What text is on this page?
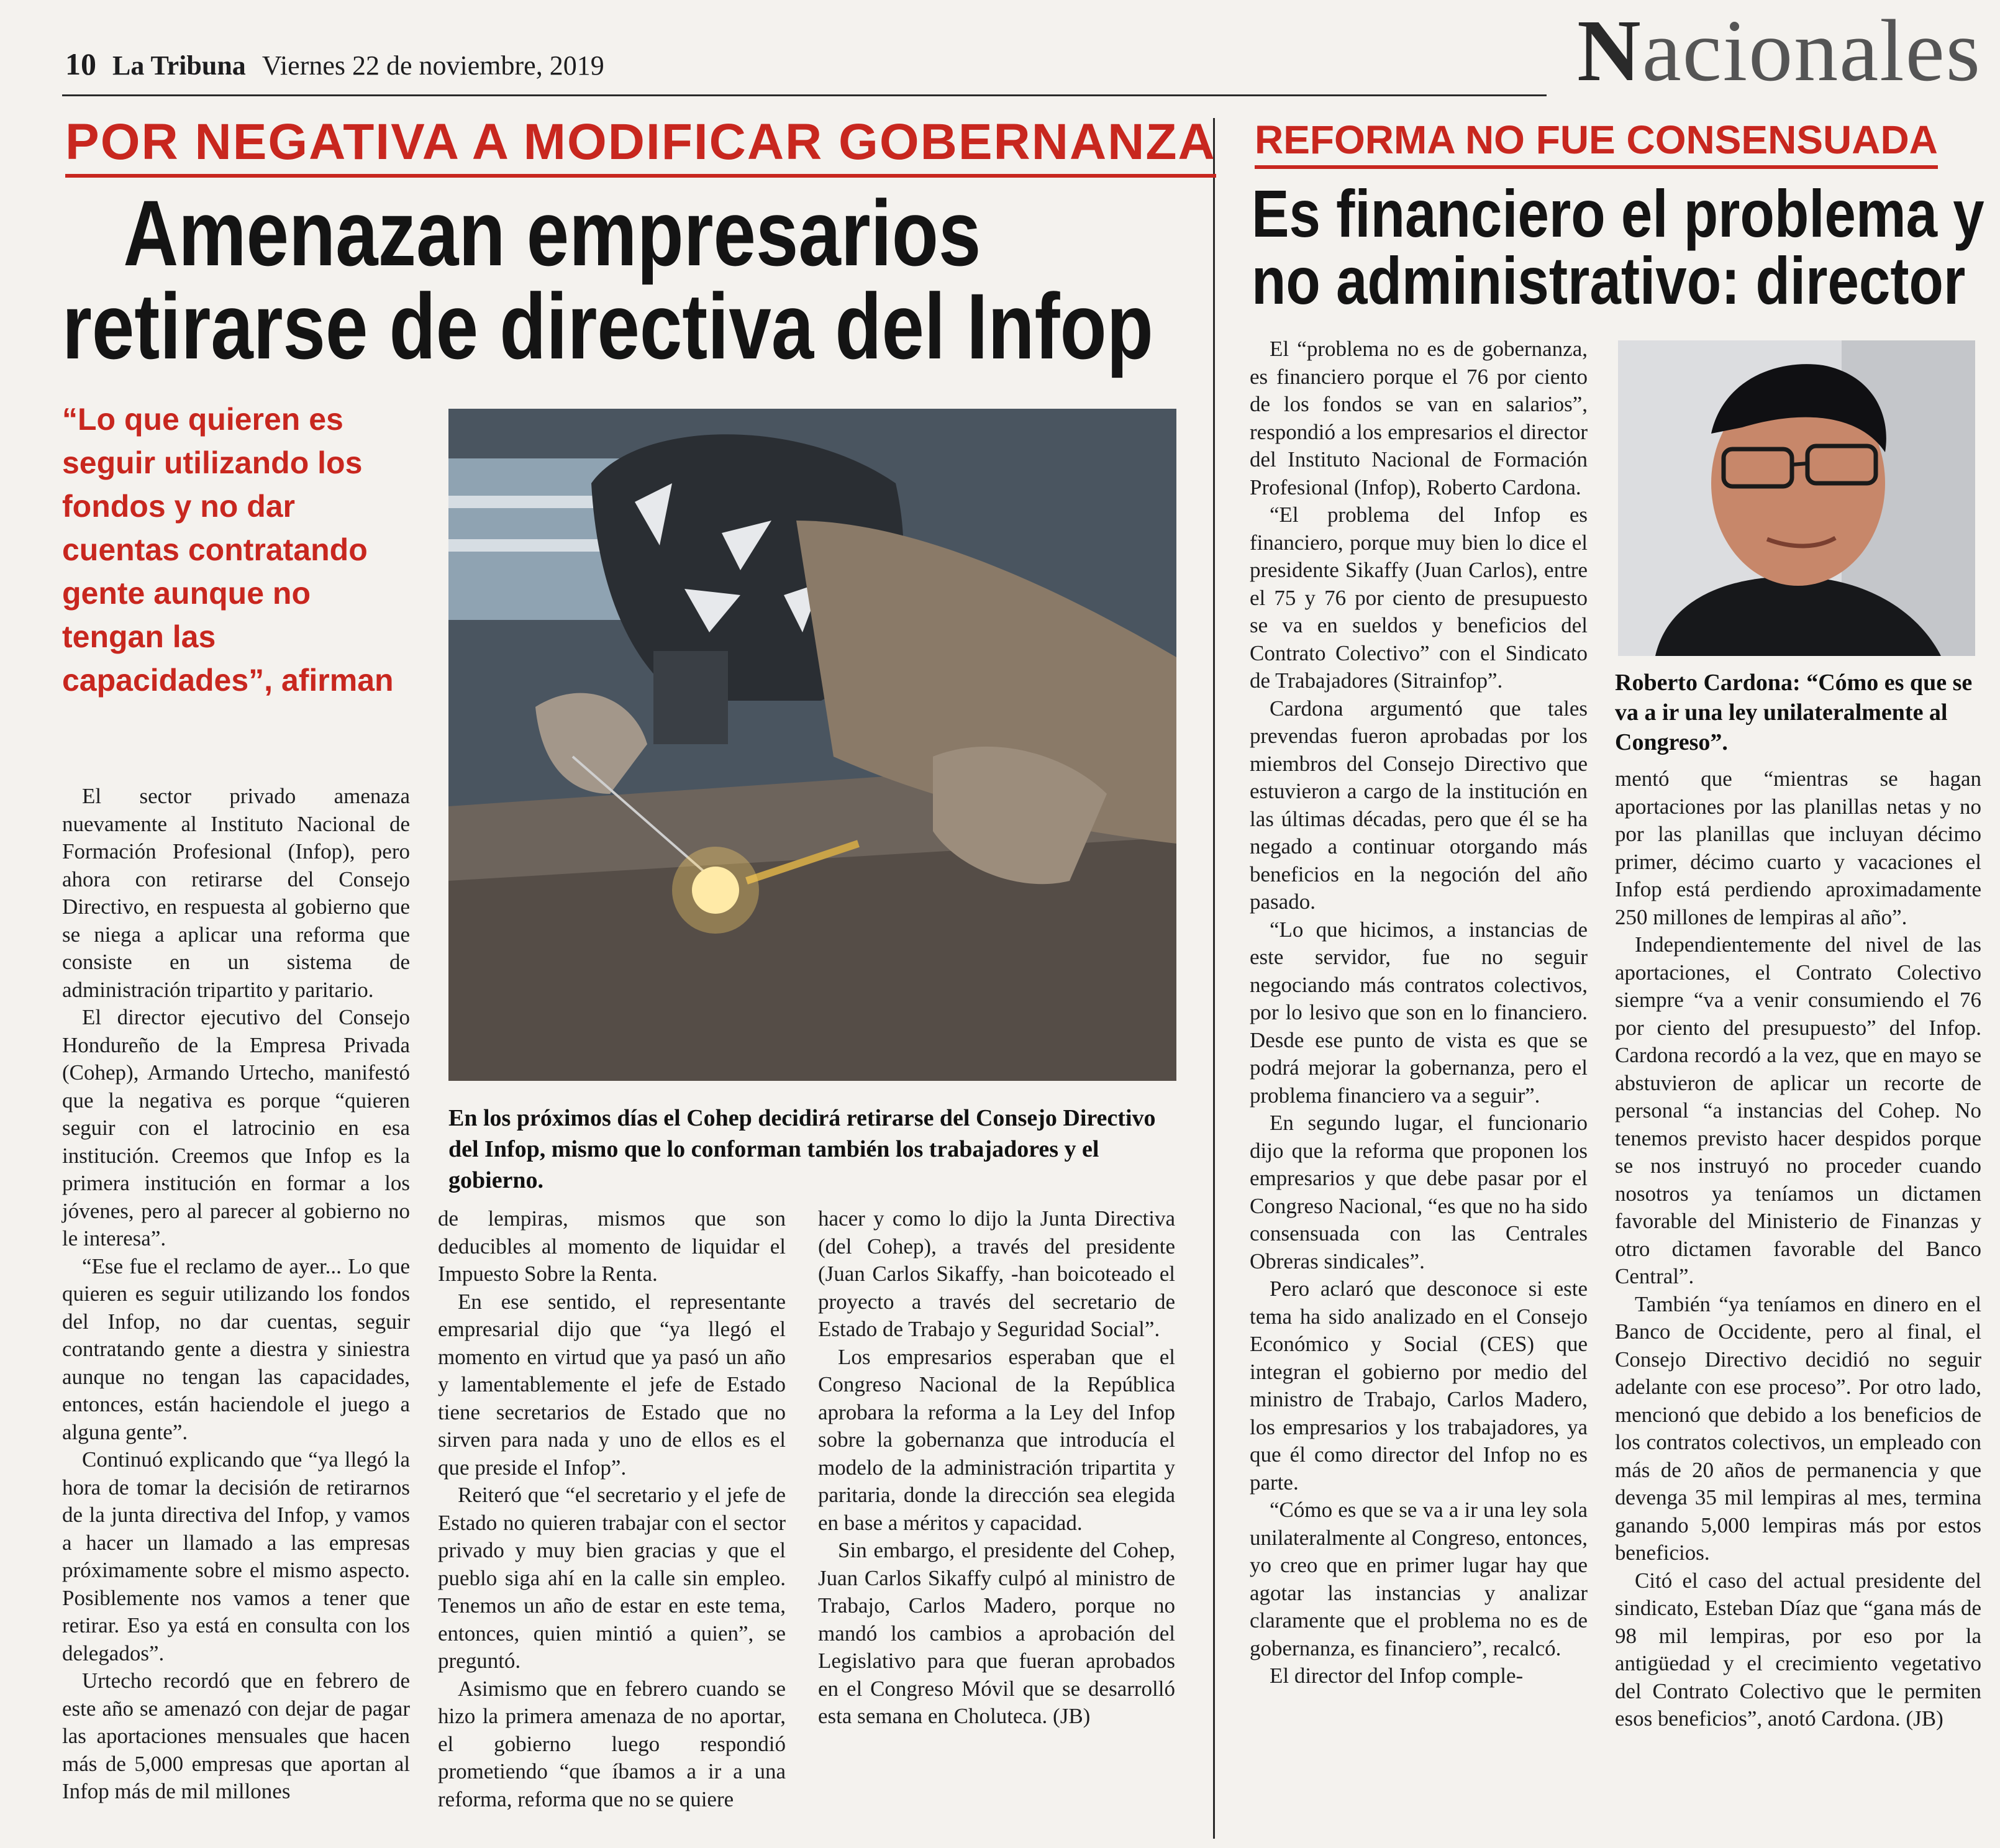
10 La Tribuna Viernes 22 de noviembre, 2019	Nacionales
POR NEGATIVA A MODIFICAR GOBERNANZA
Amenazan empresarios
retirarse de directiva del Infop
“Lo que quieren es seguir utilizando los fondos y no dar cuentas contratando gente aunque no tengan las capacidades”, afirman
En los próximos días el Cohep decidirá retirarse del Consejo Directivo del Infop, mismo que lo conforman también los trabajadores y el gobierno.

El sector privado amenaza nuevamente al Instituto Nacional de Formación Profesional (Infop), pero ahora con retirarse del Consejo Directivo, en respuesta al gobierno que se niega a aplicar una reforma que consiste en un sistema de administración tripartito y paritario.

El director ejecutivo del Consejo Hondureño de la Empresa Privada (Cohep), Armando Urtecho, manifestó que la negativa es porque “quieren seguir con el latrocinio en esa institución. Creemos que Infop es la primera institución en formar a los jóvenes, pero al parecer al gobierno no le interesa”.

“Ese fue el reclamo de ayer... Lo que quieren es seguir utilizando los fondos del Infop, no dar cuentas, seguir contratando gente a diestra y siniestra aunque no tengan las capacidades, entonces, están haciendole el juego a alguna gente”.

Continuó explicando que “ya llegó la hora de tomar la decisión de retirarnos de la junta directiva del Infop, y vamos a hacer un llamado a las empresas próximamente sobre el mismo aspecto. Posiblemente nos vamos a tener que retirar. Eso ya está en consulta con los delegados”.

Urtecho recordó que en febrero de este año se amenazó con dejar de pagar las aportaciones mensuales que hacen más de 5,000 empresas que aportan al Infop más de mil millones

de lempiras, mismos que son deducibles al momento de liquidar el Impuesto Sobre la Renta.

En ese sentido, el representante empresarial dijo que “ya llegó el momento en virtud que ya pasó un año y lamentablemente el jefe de Estado tiene secretarios de Estado que no sirven para nada y uno de ellos es el que preside el Infop”.

Reiteró que “el secretario y el jefe de Estado no quieren trabajar con el sector privado y muy bien gracias y que el pueblo siga ahí en la calle sin empleo. Tenemos un año de estar en este tema, entonces, quien mintió a quien”, se preguntó.

Asimismo que en febrero cuando se hizo la primera amenaza de no aportar, el gobierno luego respondió prometiendo “que íbamos a ir a una reforma, reforma que no se quiere

hacer y como lo dijo la Junta Directiva (del Cohep), a través del presidente (Juan Carlos Sikaffy, -han boicoteado el proyecto a través del secretario de Estado de Trabajo y Seguridad Social”.

Los empresarios esperaban que el Congreso Nacional de la República aprobara la reforma a la Ley del Infop sobre la gobernanza que introducía el modelo de la administración tripartita y paritaria, donde la dirección sea elegida en base a méritos y capacidad.

Sin embargo, el presidente del Cohep, Juan Carlos Sikaffy culpó al ministro de Trabajo, Carlos Madero, porque no mandó los cambios a aprobación del Legislativo para que fueran aprobados en el Congreso Móvil que se desarrolló esta semana en Choluteca. (JB)

REFORMA NO FUE CONSENSUADA
Es financiero el problema y
no administrativo: director
Roberto Cardona: “Cómo es que se va a ir una ley unilateralmente al Congreso”.

El “problema no es de gobernanza, es financiero porque el 76 por ciento de los fondos se van en salarios”, respondió a los empresarios el director del Instituto Nacional de Formación Profesional (Infop), Roberto Cardona.

“El problema del Infop es financiero, porque muy bien lo dice el presidente Sikaffy (Juan Carlos), entre el 75 y 76 por ciento de presupuesto se va en sueldos y beneficios del Contrato Colectivo” con el Sindicato de Trabajadores (Sitrainfop”.

Cardona argumentó que tales prevendas fueron aprobadas por los miembros del Consejo Directivo que estuvieron a cargo de la institución en las últimas décadas, pero que él se ha negado a continuar otorgando más beneficios en la negoción del año pasado.

“Lo que hicimos, a instancias de este servidor, fue no seguir negociando más contratos colectivos, por lo lesivo que son en lo financiero. Desde ese punto de vista es que se podrá mejorar la gobernanza, pero el problema financiero va a seguir”.

En segundo lugar, el funcionario dijo que la reforma que proponen los empresarios y que debe pasar por el Congreso Nacional, “es que no ha sido consensuada con las Centrales Obreras sindicales”.

Pero aclaró que desconoce si este tema ha sido analizado en el Consejo Económico y Social (CES) que integran el gobierno por medio del ministro de Trabajo, Carlos Madero, los empresarios y los trabajadores, ya que él como director del Infop no es parte.

“Cómo es que se va a ir una ley sola unilateralmente al Congreso, entonces, yo creo que en primer lugar hay que agotar las instancias y analizar claramente que el problema no es de gobernanza, es financiero”, recalcó.

El director del Infop comple-

mentó que “mientras se hagan aportaciones por las planillas netas y no por las planillas que incluyan décimo primer, décimo cuarto y vacaciones el Infop está perdiendo aproximadamente 250 millones de lempiras al año”.

Independientemente del nivel de las aportaciones, el Contrato Colectivo siempre “va a venir consumiendo el 76 por ciento del presupuesto” del Infop. Cardona recordó a la vez, que en mayo se abstuvieron de aplicar un recorte de personal “a instancias del Cohep. No tenemos previsto hacer despidos porque se nos instruyó no proceder cuando nosotros ya teníamos un dictamen favorable del Ministerio de Finanzas y otro dictamen favorable del Banco Central”.

También “ya teníamos en dinero en el Banco de Occidente, pero al final, el Consejo Directivo decidió no seguir adelante con ese proceso”. Por otro lado, mencionó que debido a los beneficios de los contratos colectivos, un empleado con más de 20 años de permanencia y que devenga 35 mil lempiras al mes, termina ganando 5,000 lempiras más por estos beneficios.

Citó el caso del actual presidente del sindicato, Esteban Díaz que “gana más de 98 mil lempiras, por eso por la antigüedad y el crecimiento vegetativo del Contrato Colectivo que le permiten esos beneficios”, anotó Cardona. (JB)
